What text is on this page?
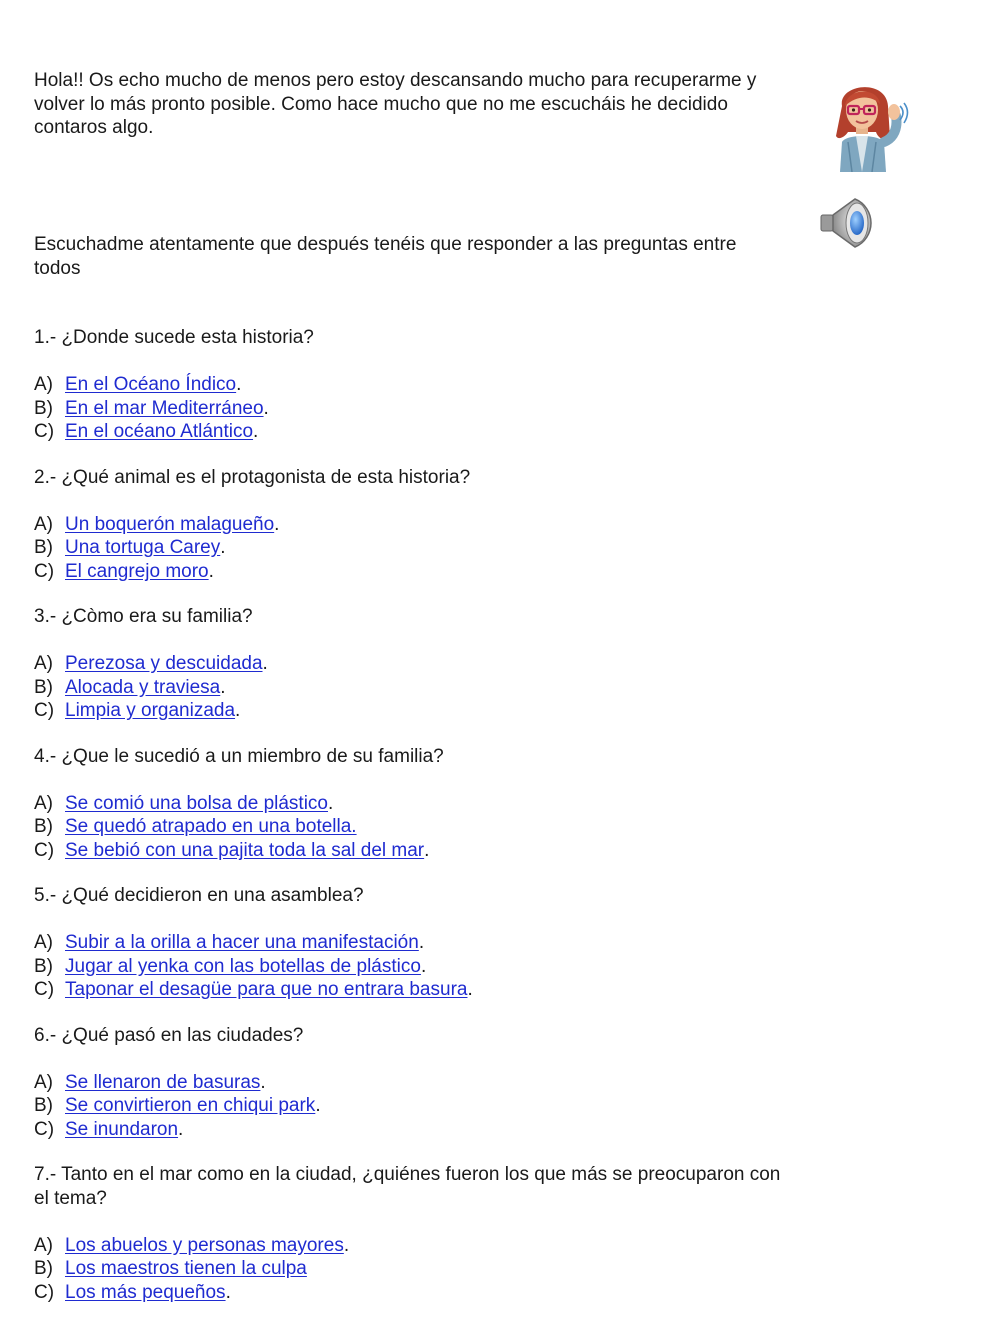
Hola!! Os echo mucho de menos pero estoy descansando mucho para recuperarme y volver lo más pronto posible. Como hace mucho que no me escucháis he decidido contaros algo.

Escuchadme atentamente que después tenéis que responder a las preguntas entre todos

1.- ¿Donde sucede esta historia?

A) En el Océano Índico .
B) En el mar Mediterráneo .
C) En el océano Atlántico .

2.- ¿Qué animal es el protagonista de esta historia?

A) Un boquerón malagueño .
B) Una tortuga Carey .
C) El cangrejo moro .

3.- ¿Còmo era su familia?

A) Perezosa y descuidada .
B) Alocada y traviesa .
C) Limpia y organizada .

4.- ¿Que le sucedió a un miembro de su familia?

A) Se comió una bolsa de plástico .
B) Se quedó atrapado en una botella.
C) Se bebió con una pajita toda la sal del mar .

5.- ¿Qué decidieron en una asamblea?

A) Subir a la orilla a hacer una manifestación .
B) Jugar al yenka con las botellas de plástico .
C) Taponar el desagüe para que no entrara basura .

6.- ¿Qué pasó en las ciudades?

A) Se llenaron de basuras .
B) Se convirtieron en chiqui park .
C) Se inundaron .

7.- Tanto en el mar como en la ciudad, ¿quiénes fueron los que más se preocuparon con el tema?

A) Los abuelos y personas mayores .
B) Los maestros tienen la culpa
C) Los más pequeños .
